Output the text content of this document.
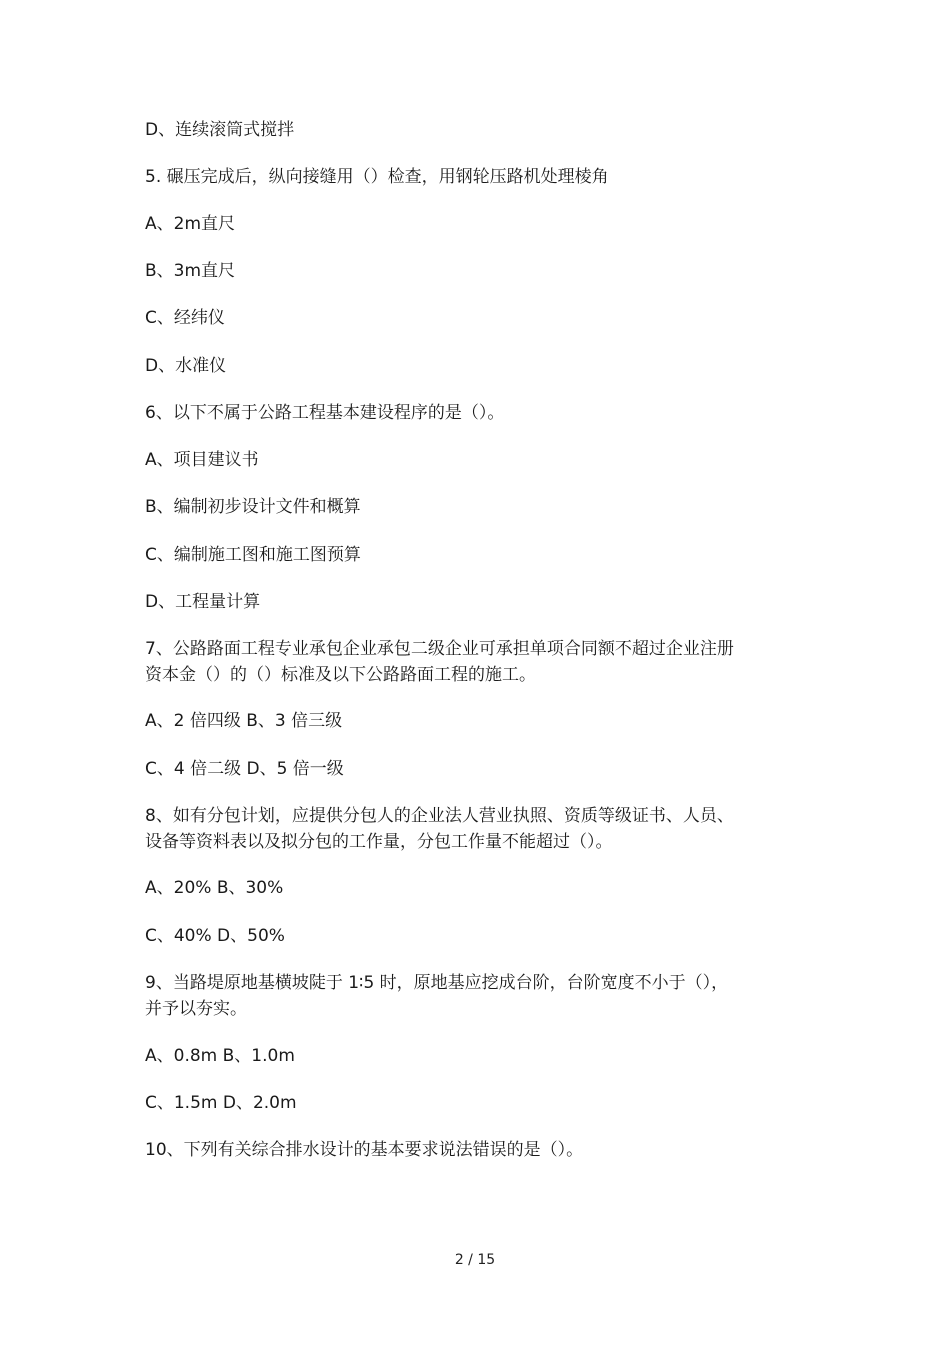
D、连续滚筒式搅拌
5. 碾压完成后，纵向接缝用（）检查，用钢轮压路机处理棱角
A、2m直尺
B、3m直尺
C、经纬仪
D、水准仪
6、以下不属于公路工程基本建设程序的是（）。
A、项目建议书
B、编制初步设计文件和概算
C、编制施工图和施工图预算
D、工程量计算
7、公路路面工程专业承包企业承包二级企业可承担单项合同额不超过企业注册
资本金（）的（）标准及以下公路路面工程的施工。
A、2 倍四级 B、3 倍三级
C、4 倍二级 D、5 倍一级
8、如有分包计划，应提供分包人的企业法人营业执照、资质等级证书、人员、
设备等资料表以及拟分包的工作量，分包工作量不能超过（）。
A、20% B、30%
C、40% D、50%
9、当路堤原地基横坡陡于 1∶5 时，原地基应挖成台阶，台阶宽度不小于（），
并予以夯实。
A、0.8m B、1.0m
C、1.5m D、2.0m
10、下列有关综合排水设计的基本要求说法错误的是（）。
2 / 15
